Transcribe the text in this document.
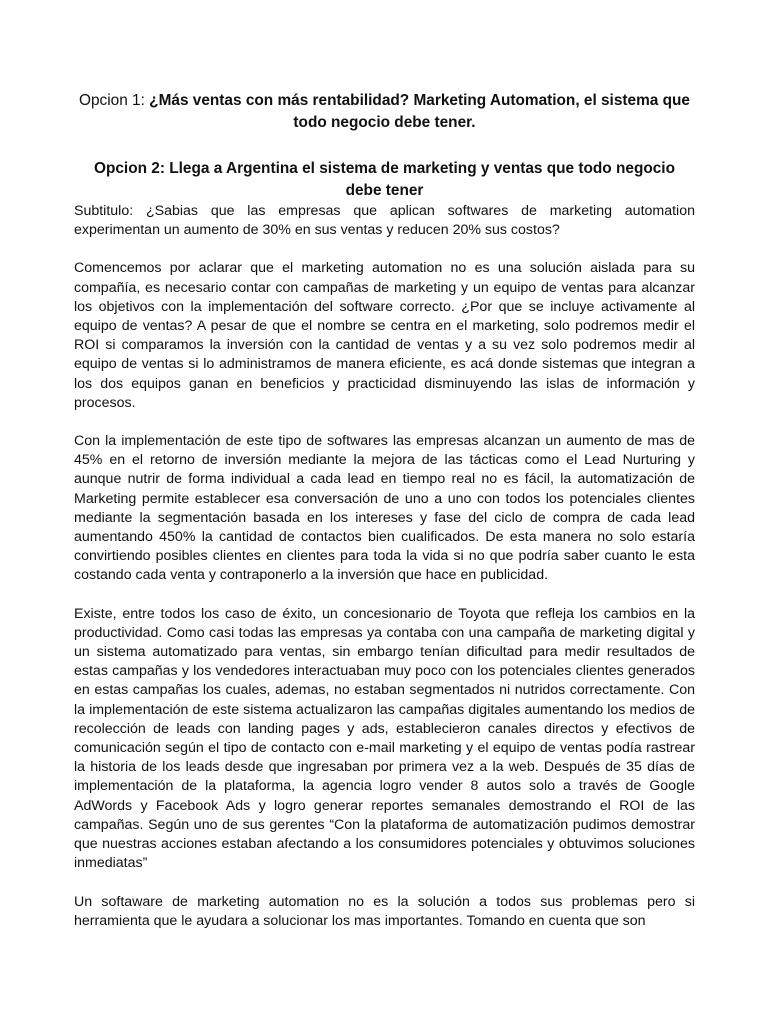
Opcion 1: ¿Más ventas con más rentabilidad? Marketing Automation, el sistema que todo negocio debe tener.

Opcion 2: Llega a Argentina el sistema de marketing y ventas que todo negocio debe tener

Subtitulo: ¿Sabias que las empresas que aplican softwares de marketing automation experimentan un aumento de 30% en sus ventas y reducen 20% sus costos?

Comencemos por aclarar que el marketing automation no es una solución aislada para su compañía, es necesario contar con campañas de marketing y un equipo de ventas para alcanzar los objetivos con la implementación del software correcto. ¿Por que se incluye activamente al equipo de ventas? A pesar de que el nombre se centra en el marketing, solo podremos medir el ROI si comparamos la inversión con la cantidad de ventas y a su vez solo podremos medir al equipo de ventas si lo administramos de manera eficiente, es acá donde sistemas que integran a los dos equipos ganan en beneficios y practicidad disminuyendo las islas de información y procesos.

Con la implementación de este tipo de softwares las empresas alcanzan un aumento de mas de 45% en el retorno de inversión mediante la mejora de las tácticas como el Lead Nurturing y aunque nutrir de forma individual a cada lead en tiempo real no es fácil, la automatización de Marketing permite establecer esa conversación de uno a uno con todos los potenciales clientes mediante la segmentación basada en los intereses y fase del ciclo de compra de cada lead aumentando 450% la cantidad de contactos bien cualificados. De esta manera no solo estaría convirtiendo posibles clientes en clientes para toda la vida si no que podría saber cuanto le esta costando cada venta y contraponerlo a la inversión que hace en publicidad.

Existe, entre todos los caso de éxito, un concesionario de Toyota que refleja los cambios en la productividad. Como casi todas las empresas ya contaba con una campaña de marketing digital y un sistema automatizado para ventas, sin embargo tenían dificultad para medir resultados de estas campañas y los vendedores interactuaban muy poco con los potenciales clientes generados en estas campañas los cuales, ademas, no estaban segmentados ni nutridos correctamente. Con la implementación de este sistema actualizaron las campañas digitales aumentando los medios de recolección de leads con landing pages y ads, establecieron canales directos y efectivos de comunicación según el tipo de contacto con e-mail marketing y el equipo de ventas podía rastrear la historia de los leads desde que ingresaban por primera vez a la web. Después de 35 días de implementación de la plataforma, la agencia logro vender 8 autos solo a través de Google AdWords y Facebook Ads y logro generar reportes semanales demostrando el ROI de las campañas. Según uno de sus gerentes “Con la plataforma de automatización pudimos demostrar que nuestras acciones estaban afectando a los consumidores potenciales y obtuvimos soluciones inmediatas”

Un softaware de marketing automation no es la solución a todos sus problemas pero si herramienta que le ayudara a solucionar los mas importantes. Tomando en cuenta que son
